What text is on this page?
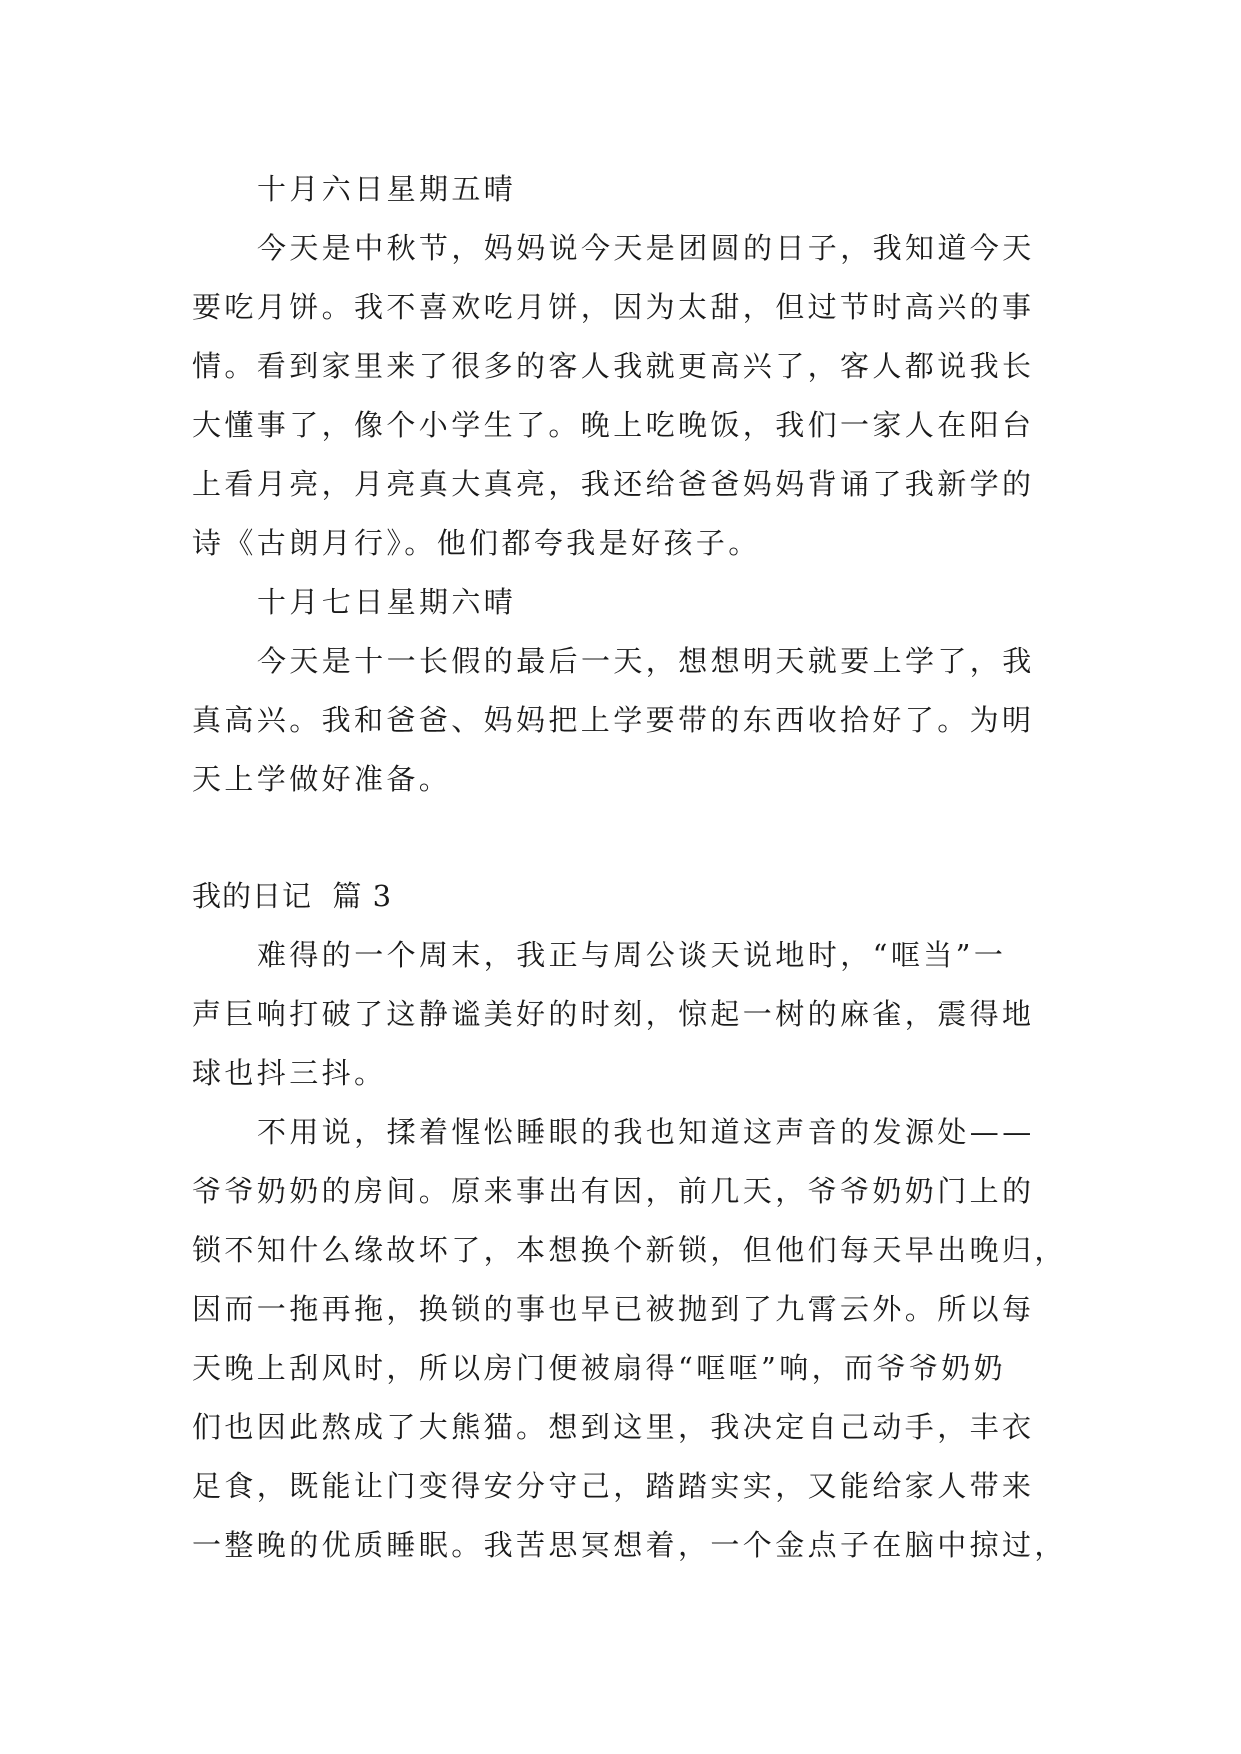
十月六日星期五晴
今天是中秋节，妈妈说今天是团圆的日子，我知道今天
要吃月饼。我不喜欢吃月饼，因为太甜，但过节时高兴的事
情。看到家里来了很多的客人我就更高兴了，客人都说我长
大懂事了，像个小学生了。晚上吃晚饭，我们一家人在阳台
上看月亮，月亮真大真亮，我还给爸爸妈妈背诵了我新学的
诗《古朗月行》。他们都夸我是好孩子。
十月七日星期六晴
今天是十一长假的最后一天，想想明天就要上学了，我
真高兴。我和爸爸、妈妈把上学要带的东西收拾好了。为明
天上学做好准备。
我的日记  篇 3
难得的一个周末，我正与周公谈天说地时，“哐当”一
声巨响打破了这静谧美好的时刻，惊起一树的麻雀，震得地
球也抖三抖。
不用说，揉着惺忪睡眼的我也知道这声音的发源处——
爷爷奶奶的房间。原来事出有因，前几天，爷爷奶奶门上的
锁不知什么缘故坏了，本想换个新锁，但他们每天早出晚归，
因而一拖再拖，换锁的事也早已被抛到了九霄云外。所以每
天晚上刮风时，所以房门便被扇得“哐哐”响，而爷爷奶奶
们也因此熬成了大熊猫。想到这里，我决定自己动手，丰衣
足食，既能让门变得安分守己，踏踏实实，又能给家人带来
一整晚的优质睡眠。我苦思冥想着，一个金点子在脑中掠过，
